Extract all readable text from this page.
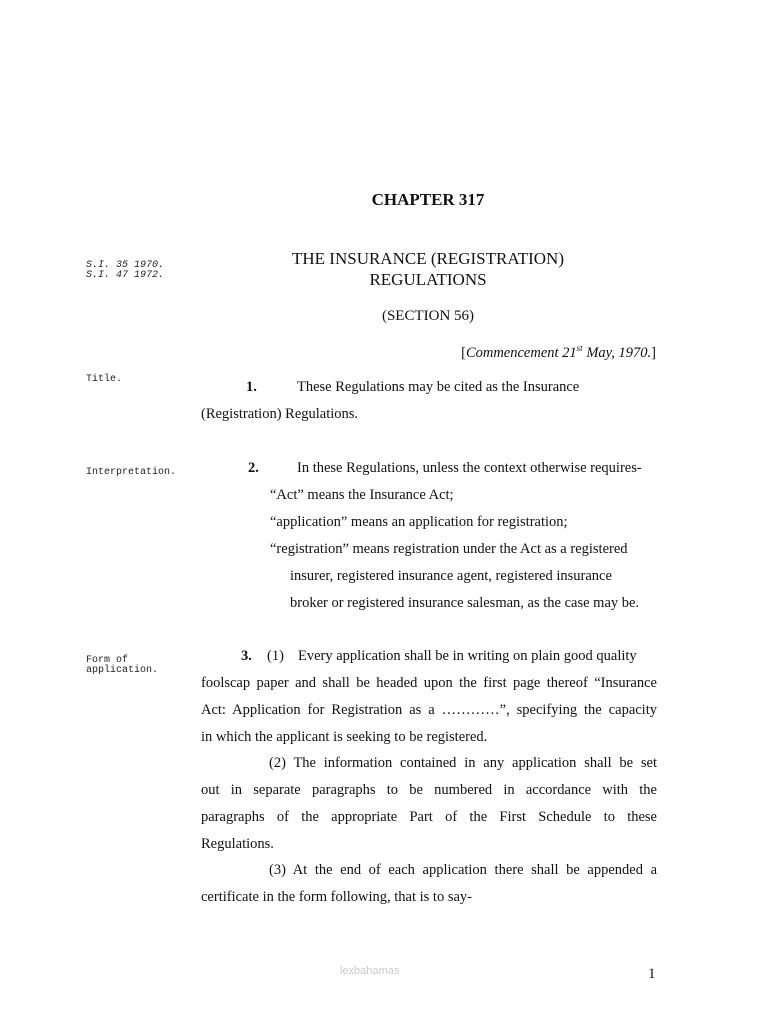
CHAPTER 317
THE INSURANCE (REGISTRATION)
REGULATIONS
(SECTION 56)
[Commencement 21st May, 1970.]
S.I. 35 1970.
S.I. 47 1972.
Title.
Interpretation.
Form of
application.
1.	These Regulations may be cited as the Insurance
(Registration) Regulations.
2.	In these Regulations, unless the context otherwise requires-
“Act” means the Insurance Act;
“application” means an application for registration;
“registration” means registration under the Act as a registered
insurer, registered insurance agent, registered insurance
broker or registered insurance salesman, as the case may be.
3. (1) Every application shall be in writing on plain good quality
foolscap paper and shall be headed upon the first page thereof “Insurance
Act: Application for Registration as a …………”, specifying the capacity
in which the applicant is seeking to be registered.
(2) The information contained in any application shall be set
out in separate paragraphs to be numbered in accordance with the
paragraphs of the appropriate Part of the First Schedule to these
Regulations.
(3) At the end of each application there shall be appended a
certificate in the form following, that is to say-
lexbahamas	1
